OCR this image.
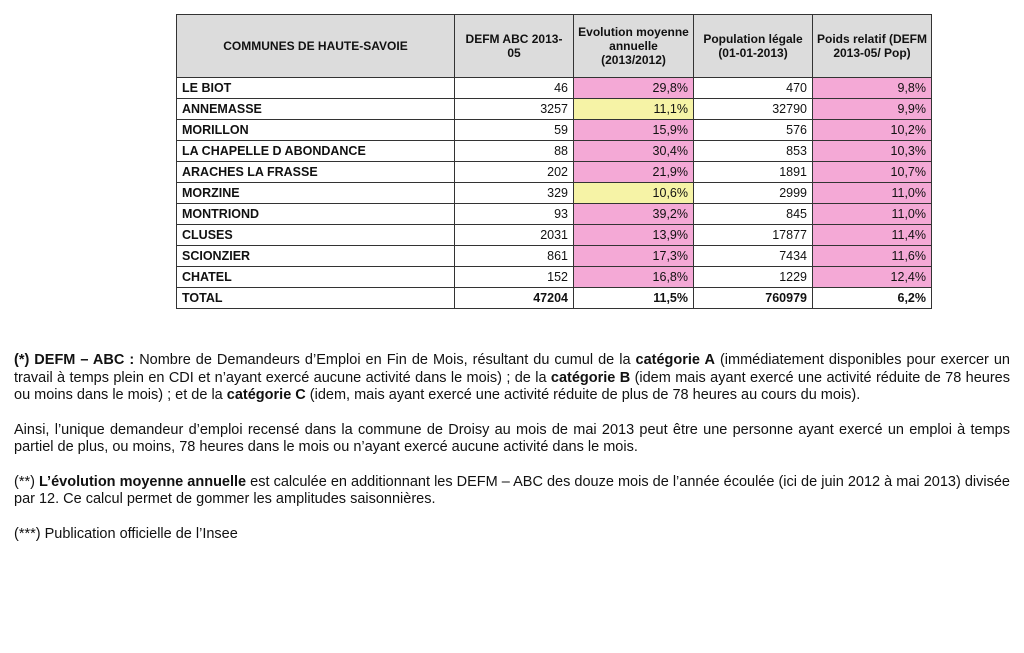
COMMUNES DE HAUTE-SAVOIE	DEFM ABC 2013-05	Evolution moyenne annuelle (2013/2012)	Population légale (01-01-2013)	Poids relatif (DEFM 2013-05/ Pop)
LE BIOT	46	29,8%	470	9,8%
ANNEMASSE	3257	11,1%	32790	9,9%
MORILLON	59	15,9%	576	10,2%
LA CHAPELLE D ABONDANCE	88	30,4%	853	10,3%
ARACHES LA FRASSE	202	21,9%	1891	10,7%
MORZINE	329	10,6%	2999	11,0%
MONTRIOND	93	39,2%	845	11,0%
CLUSES	2031	13,9%	17877	11,4%
SCIONZIER	861	17,3%	7434	11,6%
CHATEL	152	16,8%	1229	12,4%
TOTAL	47204	11,5%	760979	6,2%

(*) DEFM – ABC : Nombre de Demandeurs d’Emploi en Fin de Mois, résultant du cumul de la catégorie A (immédiatement disponibles pour exercer un travail à temps plein en CDI et n’ayant exercé aucune activité dans le mois) ; de la catégorie B (idem mais ayant exercé une activité réduite de 78 heures ou moins dans le mois) ; et de la catégorie C (idem, mais ayant exercé une activité réduite de plus de 78 heures au cours du mois).

Ainsi, l’unique demandeur d’emploi recensé dans la commune de Droisy au mois de mai 2013 peut être une personne ayant exercé un emploi à temps partiel de plus, ou moins, 78 heures dans le mois ou n’ayant exercé aucune activité dans le mois.

(**) L’évolution moyenne annuelle est calculée en additionnant les DEFM – ABC des douze mois de l’année écoulée (ici de juin 2012 à mai 2013) divisée par 12. Ce calcul permet de gommer les amplitudes saisonnières.

(***) Publication officielle de l’Insee
